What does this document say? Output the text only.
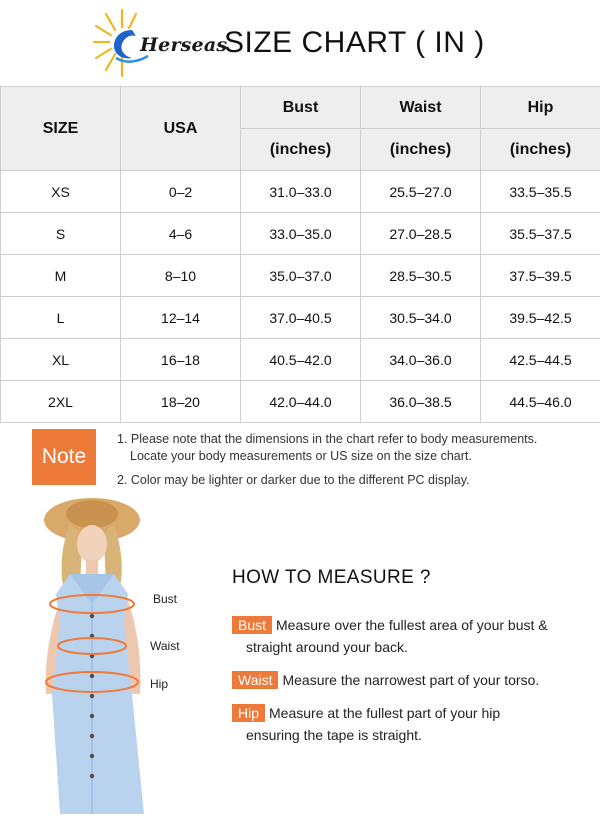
Herseas
SIZE CHART ( IN )
SIZE	USA	Bust	Waist	Hip
		(inches)	(inches)	(inches)
XS	0–2	31.0–33.0	25.5–27.0	33.5–35.5
S	4–6	33.0–35.0	27.0–28.5	35.5–37.5
M	8–10	35.0–37.0	28.5–30.5	37.5–39.5
L	12–14	37.0–40.5	30.5–34.0	39.5–42.5
XL	16–18	40.5–42.0	34.0–36.0	42.5–44.5
2XL	18–20	42.0–44.0	36.0–38.5	44.5–46.0
Note
1. Please note that the dimensions in the chart refer to body measurements.
Locate your body measurements or US size on the size chart.
2. Color may be lighter or darker due to the different PC display.
Bust
Waist
Hip
HOW TO MEASURE ?
Bust Measure over the fullest area of your bust &
straight around your back.
Waist Measure the narrowest part of your torso.
Hip Measure at the fullest part of your hip
ensuring the tape is straight.
